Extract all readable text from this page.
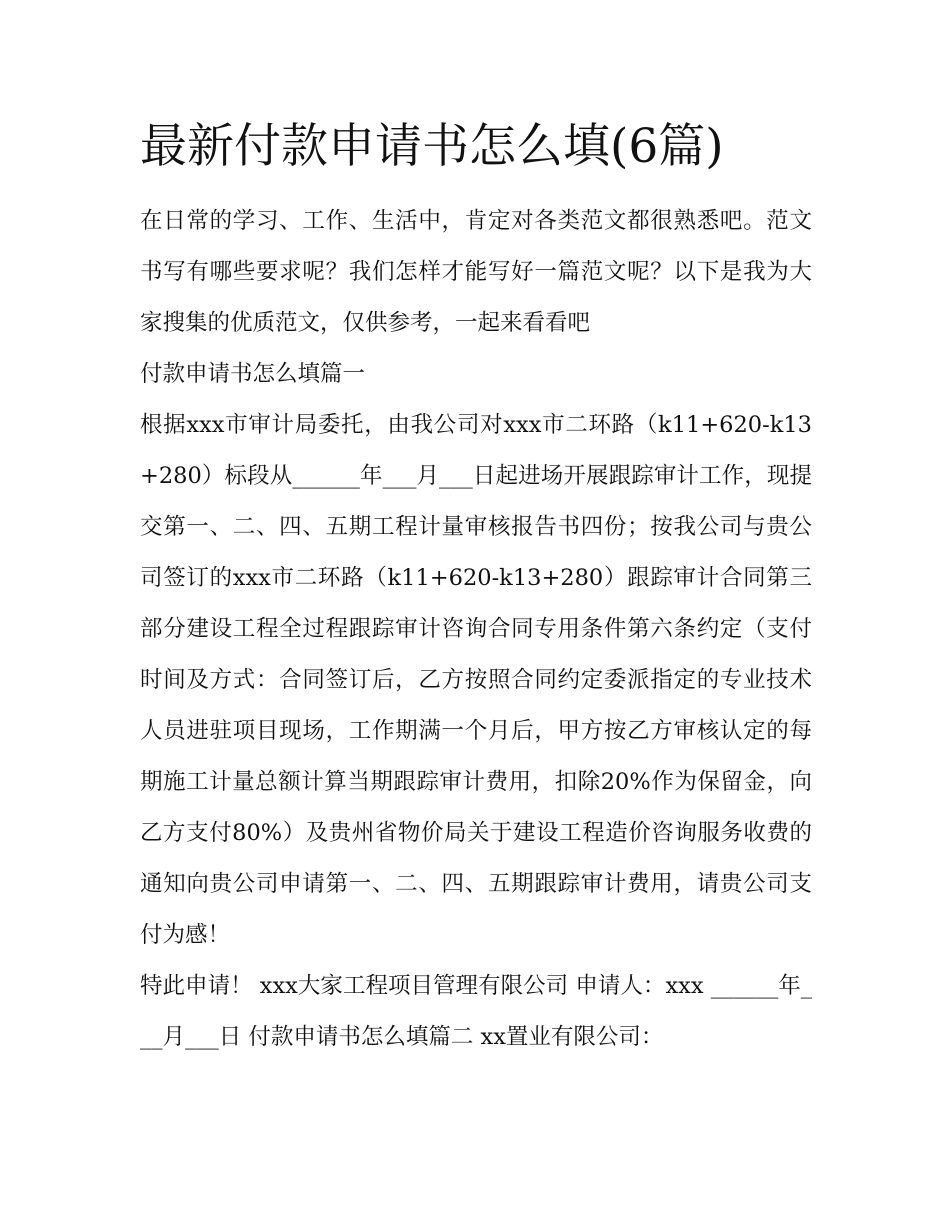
最新付款申请书怎么填(6篇)

在日常的学习、工作、生活中，肯定对各类范文都很熟悉吧。范文书写有哪些要求呢？我们怎样才能写好一篇范文呢？以下是我为大家搜集的优质范文，仅供参考，一起来看看吧

付款申请书怎么填篇一

根据xxx市审计局委托，由我公司对xxx市二环路（k11+620-k13+280）标段从______年___月___日起进场开展跟踪审计工作，现提交第一、二、四、五期工程计量审核报告书四份；按我公司与贵公司签订的xxx市二环路（k11+620-k13+280）跟踪审计合同第三部分建设工程全过程跟踪审计咨询合同专用条件第六条约定（支付时间及方式：合同签订后，乙方按照合同约定委派指定的专业技术人员进驻项目现场，工作期满一个月后，甲方按乙方审核认定的每期施工计量总额计算当期跟踪审计费用，扣除20%作为保留金，向乙方支付80%）及贵州省物价局关于建设工程造价咨询服务收费的通知向贵公司申请第一、二、四、五期跟踪审计费用，请贵公司支付为感！

特此申请！ xxx大家工程项目管理有限公司 申请人：xxx ______年___月___日 付款申请书怎么填篇二 xx置业有限公司：
